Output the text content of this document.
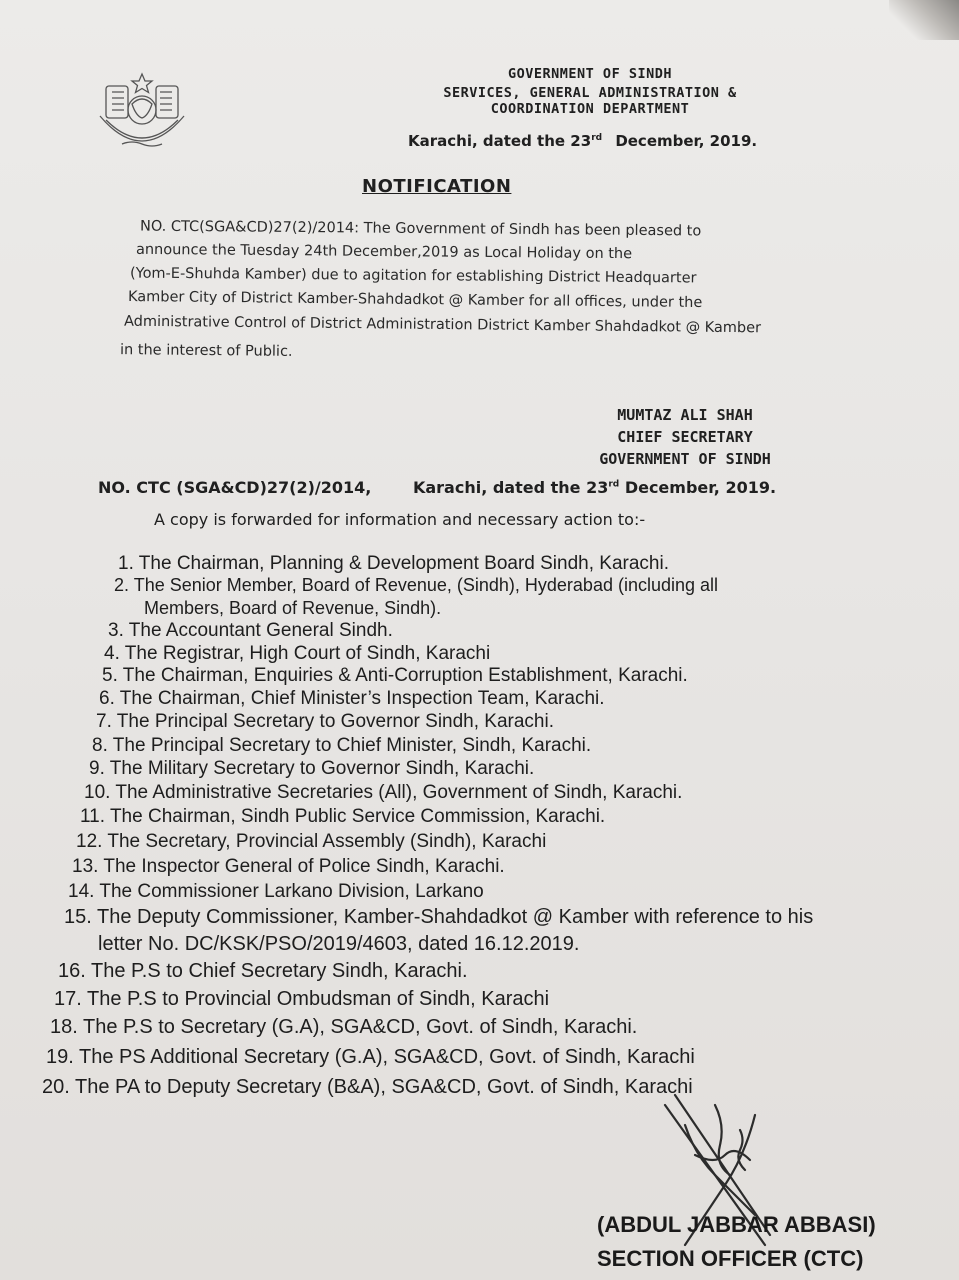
GOVERNMENT OF SINDH
SERVICES, GENERAL ADMINISTRATION &
COORDINATION DEPARTMENT
Karachi, dated the 23rd December, 2019.
NOTIFICATION
NO. CTC(SGA&CD)27(2)/2014: The Government of Sindh has been pleased to
announce the Tuesday 24th December,2019 as Local Holiday on the
(Yom-E-Shuhda Kamber) due to agitation for establishing District Headquarter
Kamber City of District Kamber-Shahdadkot @ Kamber for all offices, under the
Administrative Control of District Administration District Kamber Shahdadkot @ Kamber
in the interest of Public.
MUMTAZ ALI SHAH
CHIEF SECRETARY
GOVERNMENT OF SINDH
NO. CTC (SGA&CD)27(2)/2014,	Karachi, dated the 23rd December, 2019.
A copy is forwarded for information and necessary action to:-
1. The Chairman, Planning & Development Board Sindh, Karachi.
2. The Senior Member, Board of Revenue, (Sindh), Hyderabad (including all
Members, Board of Revenue, Sindh).
3. The Accountant General Sindh.
4. The Registrar, High Court of Sindh, Karachi
5. The Chairman, Enquiries & Anti-Corruption Establishment, Karachi.
6. The Chairman, Chief Minister’s Inspection Team, Karachi.
7. The Principal Secretary to Governor Sindh, Karachi.
8. The Principal Secretary to Chief Minister, Sindh, Karachi.
9. The Military Secretary to Governor Sindh, Karachi.
10. The Administrative Secretaries (All), Government of Sindh, Karachi.
11. The Chairman, Sindh Public Service Commission, Karachi.
12. The Secretary, Provincial Assembly (Sindh), Karachi
13. The Inspector General of Police Sindh, Karachi.
14. The Commissioner Larkano Division, Larkano
15. The Deputy Commissioner, Kamber-Shahdadkot @ Kamber with reference to his
letter No. DC/KSK/PSO/2019/4603, dated 16.12.2019.
16. The P.S to Chief Secretary Sindh, Karachi.
17. The P.S to Provincial Ombudsman of Sindh, Karachi
18. The P.S to Secretary (G.A), SGA&CD, Govt. of Sindh, Karachi.
19. The PS Additional Secretary (G.A), SGA&CD, Govt. of Sindh, Karachi
20. The PA to Deputy Secretary (B&A), SGA&CD, Govt. of Sindh, Karachi
(ABDUL JABBAR ABBASI)
SECTION OFFICER (CTC)
